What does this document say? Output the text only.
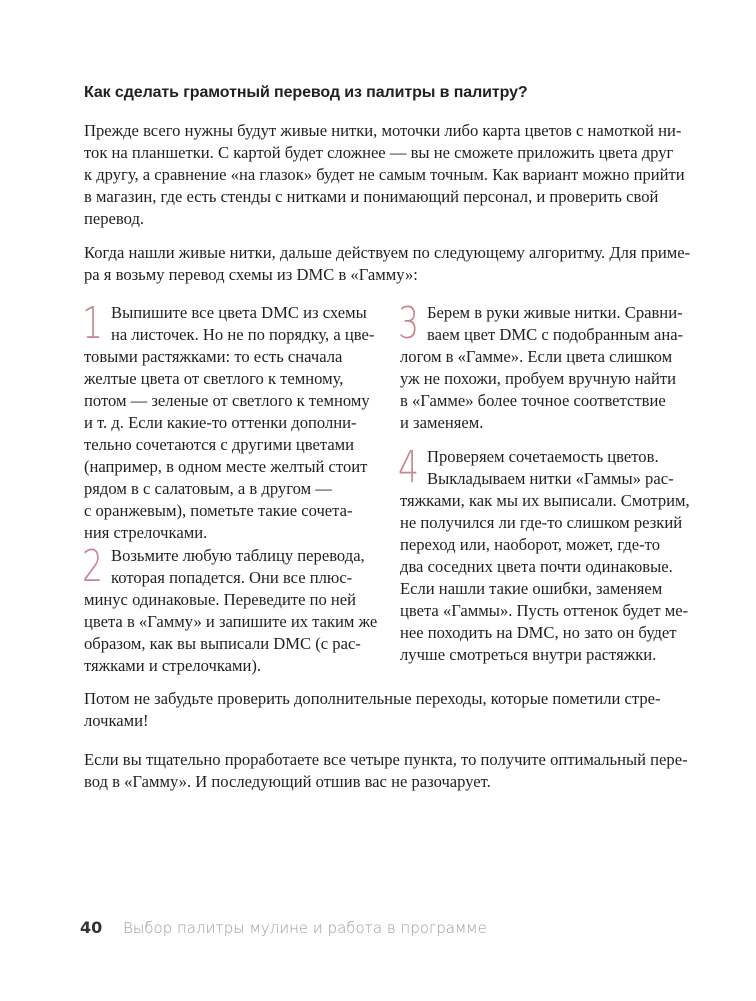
Как сделать грамотный перевод из палитры в палитру?
Прежде всего нужны будут живые нитки, моточки либо карта цветов с намоткой ни-
ток на планшетки. С картой будет сложнее — вы не сможете приложить цвета друг
к другу, а сравнение «на глазок» будет не самым точным. Как вариант можно прийти
в магазин, где есть стенды с нитками и понимающий персонал, и проверить свой
перевод.
Когда нашли живые нитки, дальше действуем по следующему алгоритму. Для приме-
ра я возьму перевод схемы из DMC в «Гамму»:
1 Выпишите все цвета DMC из схемы
на листочек. Но не по порядку, а цве-
товыми растяжками: то есть сначала
желтые цвета от светлого к темному,
потом — зеленые от светлого к темному
и т. д. Если какие-то оттенки дополни-
тельно сочетаются с другими цветами
(например, в одном месте желтый стоит
рядом в с салатовым, а в другом —
с оранжевым), пометьте такие сочета-
ния стрелочками.
2 Возьмите любую таблицу перевода,
которая попадется. Они все плюс-
минус одинаковые. Переведите по ней
цвета в «Гамму» и запишите их таким же
образом, как вы выписали DMC (с рас-
тяжками и стрелочками).
3 Берем в руки живые нитки. Сравни-
ваем цвет DMC с подобранным ана-
логом в «Гамме». Если цвета слишком
уж не похожи, пробуем вручную найти
в «Гамме» более точное соответствие
и заменяем.
4 Проверяем сочетаемость цветов.
Выкладываем нитки «Гаммы» рас-
тяжками, как мы их выписали. Смотрим,
не получился ли где-то слишком резкий
переход или, наоборот, может, где-то
два соседних цвета почти одинаковые.
Если нашли такие ошибки, заменяем
цвета «Гаммы». Пусть оттенок будет ме-
нее походить на DMC, но зато он будет
лучше смотреться внутри растяжки.
Потом не забудьте проверить дополнительные переходы, которые пометили стре-
лочками!
Если вы тщательно проработаете все четыре пункта, то получите оптимальный пере-
вод в «Гамму». И последующий отшив вас не разочарует.
40 Выбор палитры мулине и работа в программе
